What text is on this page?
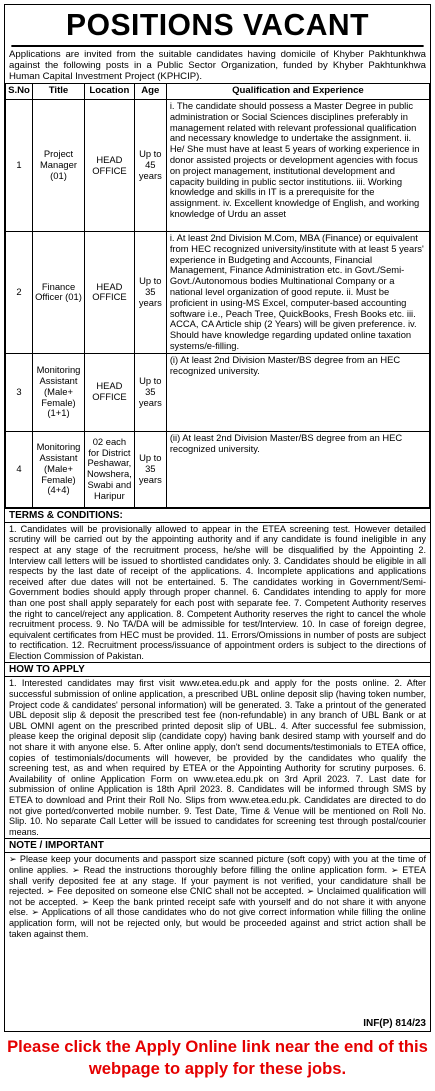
POSITIONS VACANT
Applications are invited from the suitable candidates having domicile of Khyber Pakhtunkhwa against the following posts in a Public Sector Organization, funded by Khyber Pakhtunkhwa Human Capital Investment Project (KPHCIP).
S.No	Title	Location	Age	Qualification and Experience
1	Project Manager (01)	HEAD OFFICE	Up to 45 years	i. The candidate should possess a Master Degree in public administration or Social Sciences disciplines preferably in management related with relevant professional qualification and necessary knowledge to undertake the assignment. ii. He/ She must have at least 5 years of working experience in donor assisted projects or development agencies with focus on project management, institutional development and capacity building in public sector institutions. iii. Working knowledge and skills in IT is a prerequisite for the assignment. iv. Excellent knowledge of English, and working knowledge of Urdu an asset
2	Finance Officer (01)	HEAD OFFICE	Up to 35 years	i. At least 2nd Division M.Com, MBA (Finance) or equivalent from HEC recognized university/institute with at least 5 years' experience in Budgeting and Accounts, Financial Management, Finance Administration etc. in Govt./Semi-Govt./Autonomous bodies Multinational Company or a national level organization of good repute. ii. Must be proficient in using-MS Excel, computer-based accounting software i.e., Peach Tree, QuickBooks, Fresh Books etc. iii. ACCA, CA Article ship (2 Years) will be given preference. iv. Should have knowledge regarding updated online taxation systems/e-filling.
3	Monitoring Assistant (Male+ Female) (1+1)	HEAD OFFICE	Up to 35 years	(i) At least 2nd Division Master/BS degree from an HEC recognized university.
4	Monitoring Assistant (Male+ Female) (4+4)	02 each for District Peshawar, Nowshera, Swabi and Haripur	Up to 35 years	(ii) At least 2nd Division Master/BS degree from an HEC recognized university.
TERMS & CONDITIONS:
1. Candidates will be provisionally allowed to appear in the ETEA screening test. However detailed scrutiny will be carried out by the appointing authority and if any candidate is found ineligible in any respect at any stage of the recruitment process, he/she will be disqualified by the Appointing 2. Interview call letters will be issued to shortlisted candidates only. 3. Candidates should be eligible in all respects by the last date of receipt of the applications. 4. Incomplete applications and applications received after due dates will not be entertained. 5. The candidates working in Government/Semi-Government bodies should apply through proper channel. 6. Candidates intending to apply for more than one post shall apply separately for each post with separate fee. 7. Competent Authority reserves the right to cancel/reject any application. 8. Competent Authority reserves the right to cancel the whole recruitment process. 9. No TA/DA will be admissible for test/Interview. 10. In case of foreign degree, equivalent certificates from HEC must be provided. 11. Errors/Omissions in number of posts are subject to rectification. 12. Recruitment process/issuance of appointment orders is subject to the directions of Election Commission of Pakistan.
HOW TO APPLY
1. Interested candidates may first visit www.etea.edu.pk and apply for the posts online. 2. After successful submission of online application, a prescribed UBL online deposit slip (having token number, Project code & candidates' personal information) will be generated. 3. Take a printout of the generated UBL deposit slip & deposit the prescribed test fee (non-refundable) in any branch of UBL Bank or at UBL OMNI agent on the prescribed printed deposit slip of UBL. 4. After successful fee submission, please keep the original deposit slip (candidate copy) having bank desired stamp with yourself and do not share it with anyone else. 5. After online apply, don't send documents/testimonials to ETEA office, copies of testimonials/documents will however, be provided by the candidates who qualify the screening test, as and when required by ETEA or the Appointing Authority for scrutiny purposes. 6. Availability of online Application Form on www.etea.edu.pk on 3rd April 2023. 7. Last date for submission of online Application is 18th April 2023. 8. Candidates will be informed through SMS by ETEA to download and Print their Roll No. Slips from www.etea.edu.pk. Candidates are directed to do not give ported/converted mobile number. 9. Test Date, Time & Venue will be mentioned on Roll No. Slip. 10. No separate Call Letter will be issued to candidates for screening test through postal/courier means.
NOTE / IMPORTANT
➢ Please keep your documents and passport size scanned picture (soft copy) with you at the time of online applies. ➢ Read the instructions thoroughly before filling the online application form. ➢ ETEA shall verify deposited fee at any stage. If your payment is not verified, your candidature shall be rejected. ➢ Fee deposited on someone else CNIC shall not be accepted. ➢ Unclaimed qualification will not be accepted. ➢ Keep the bank printed receipt safe with yourself and do not share it with anyone else. ➢ Applications of all those candidates who do not give correct information while filling the online application form, will not be rejected only, but would be proceeded against and strict action shall be taken against them.
INF(P) 814/23
Please click the Apply Online link near the end of this webpage to apply for these jobs.
